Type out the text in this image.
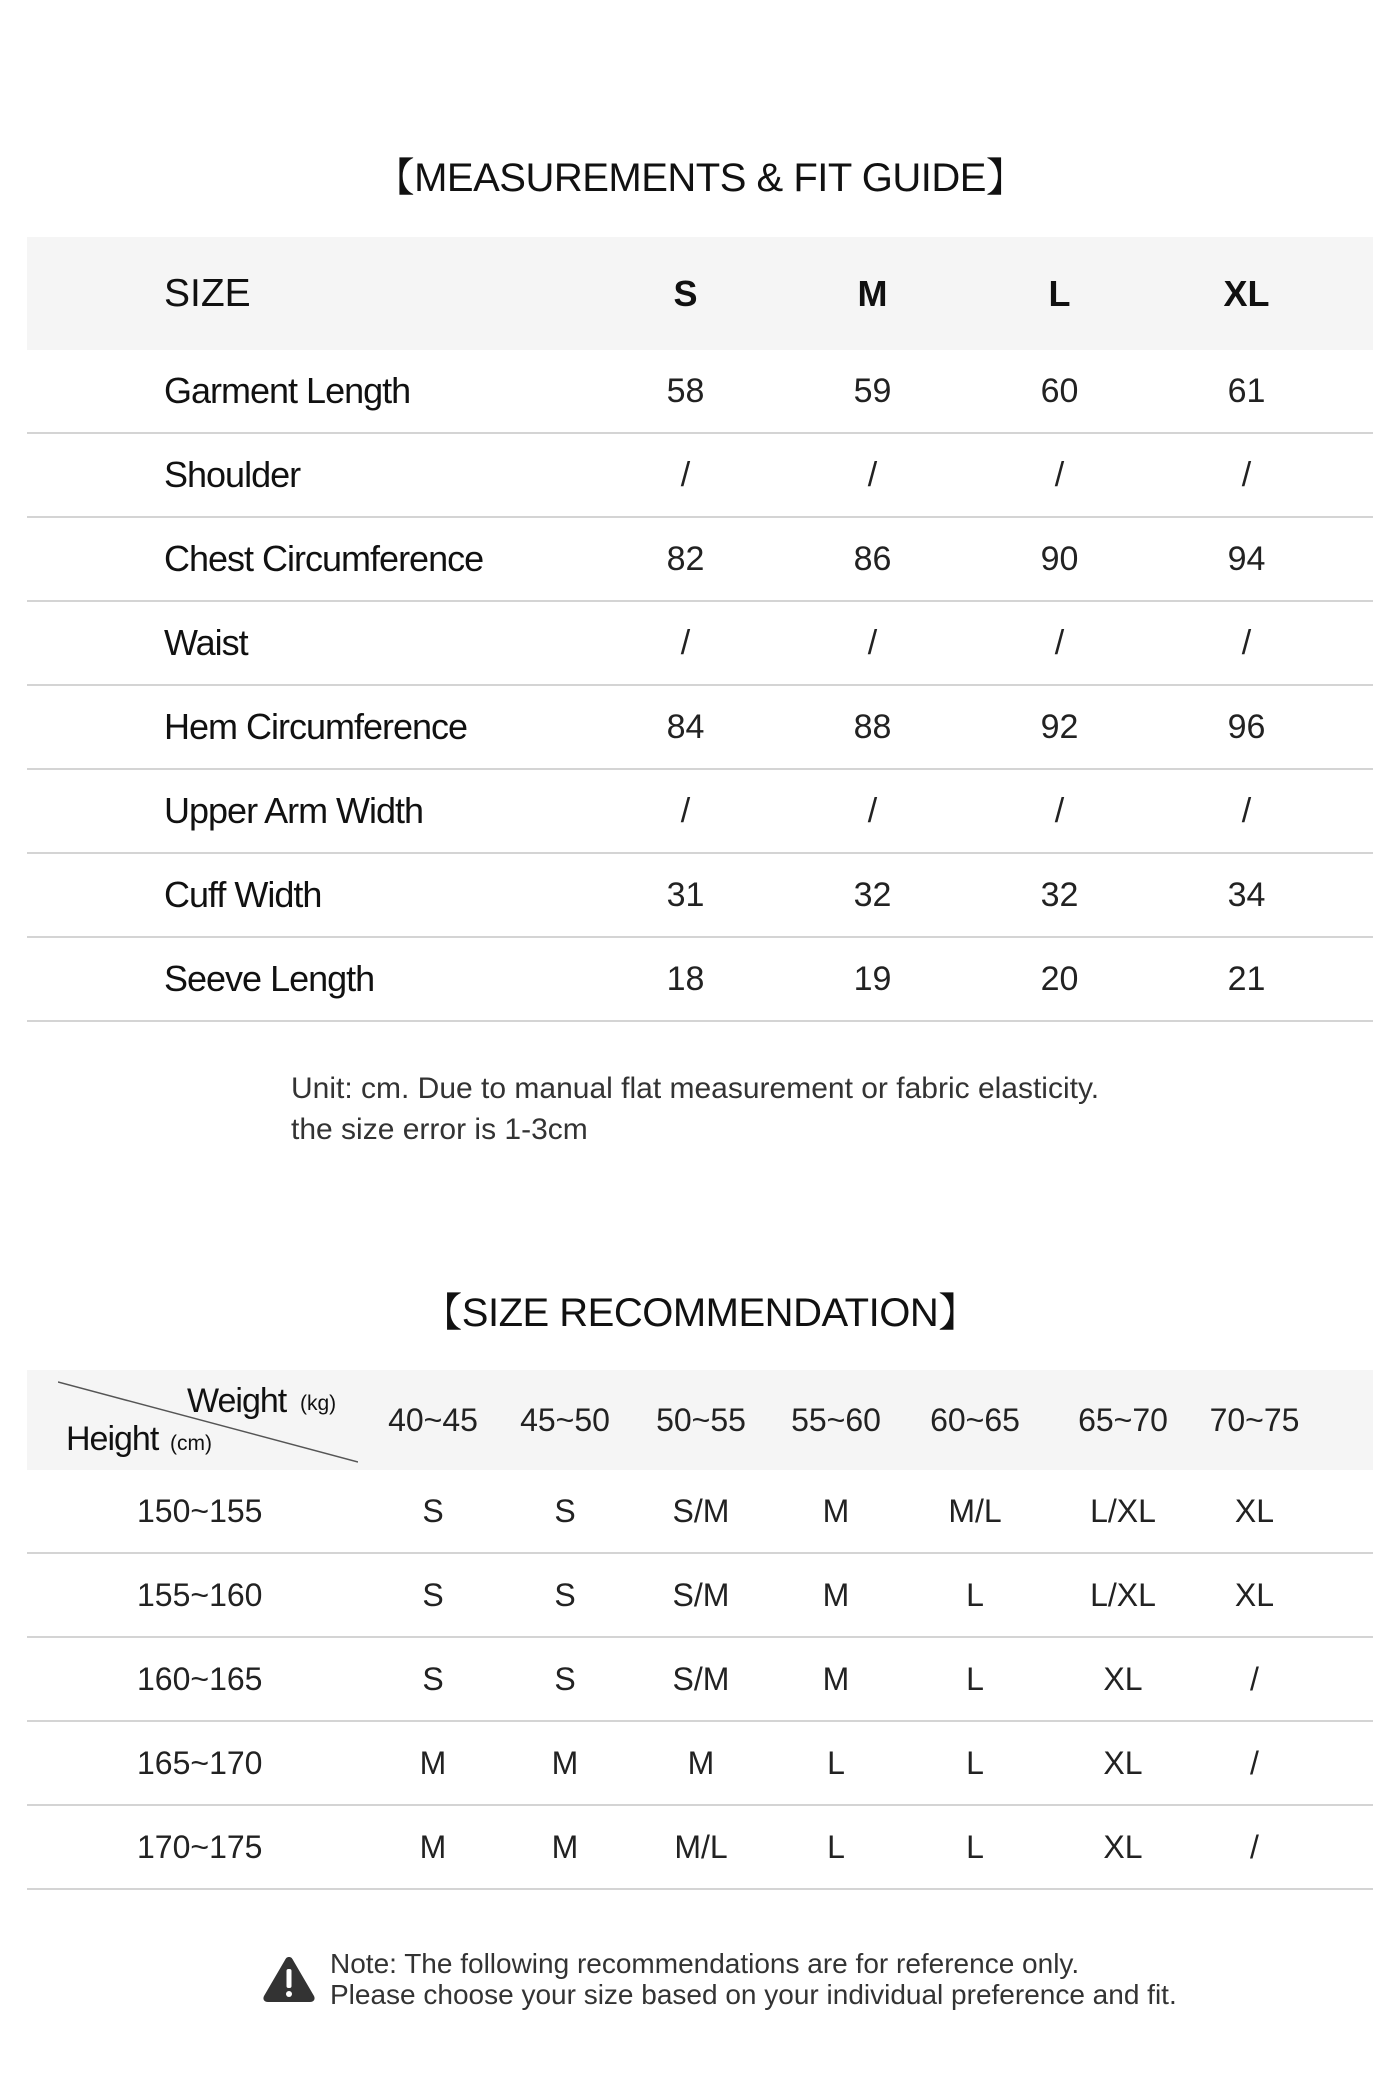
【MEASUREMENTS & FIT GUIDE】
SIZE	S	M	L	XL
Garment Length	58	59	60	61
Shoulder	/	/	/	/
Chest Circumference	82	86	90	94
Waist	/	/	/	/
Hem Circumference	84	88	92	96
Upper Arm Width	/	/	/	/
Cuff Width	31	32	32	34
Seeve Length	18	19	20	21
Unit: cm. Due to manual flat measurement or fabric elasticity.
the size error is 1-3cm
【SIZE RECOMMENDATION】
Weight (kg)
Height (cm)
40~45	45~50	50~55	55~60	60~65	65~70	70~75
150~155	S	S	S/M	M	M/L	L/XL	XL
155~160	S	S	S/M	M	L	L/XL	XL
160~165	S	S	S/M	M	L	XL	/
165~170	M	M	M	L	L	XL	/
170~175	M	M	M/L	L	L	XL	/
Note: The following recommendations are for reference only.
Please choose your size based on your individual preference and fit.
